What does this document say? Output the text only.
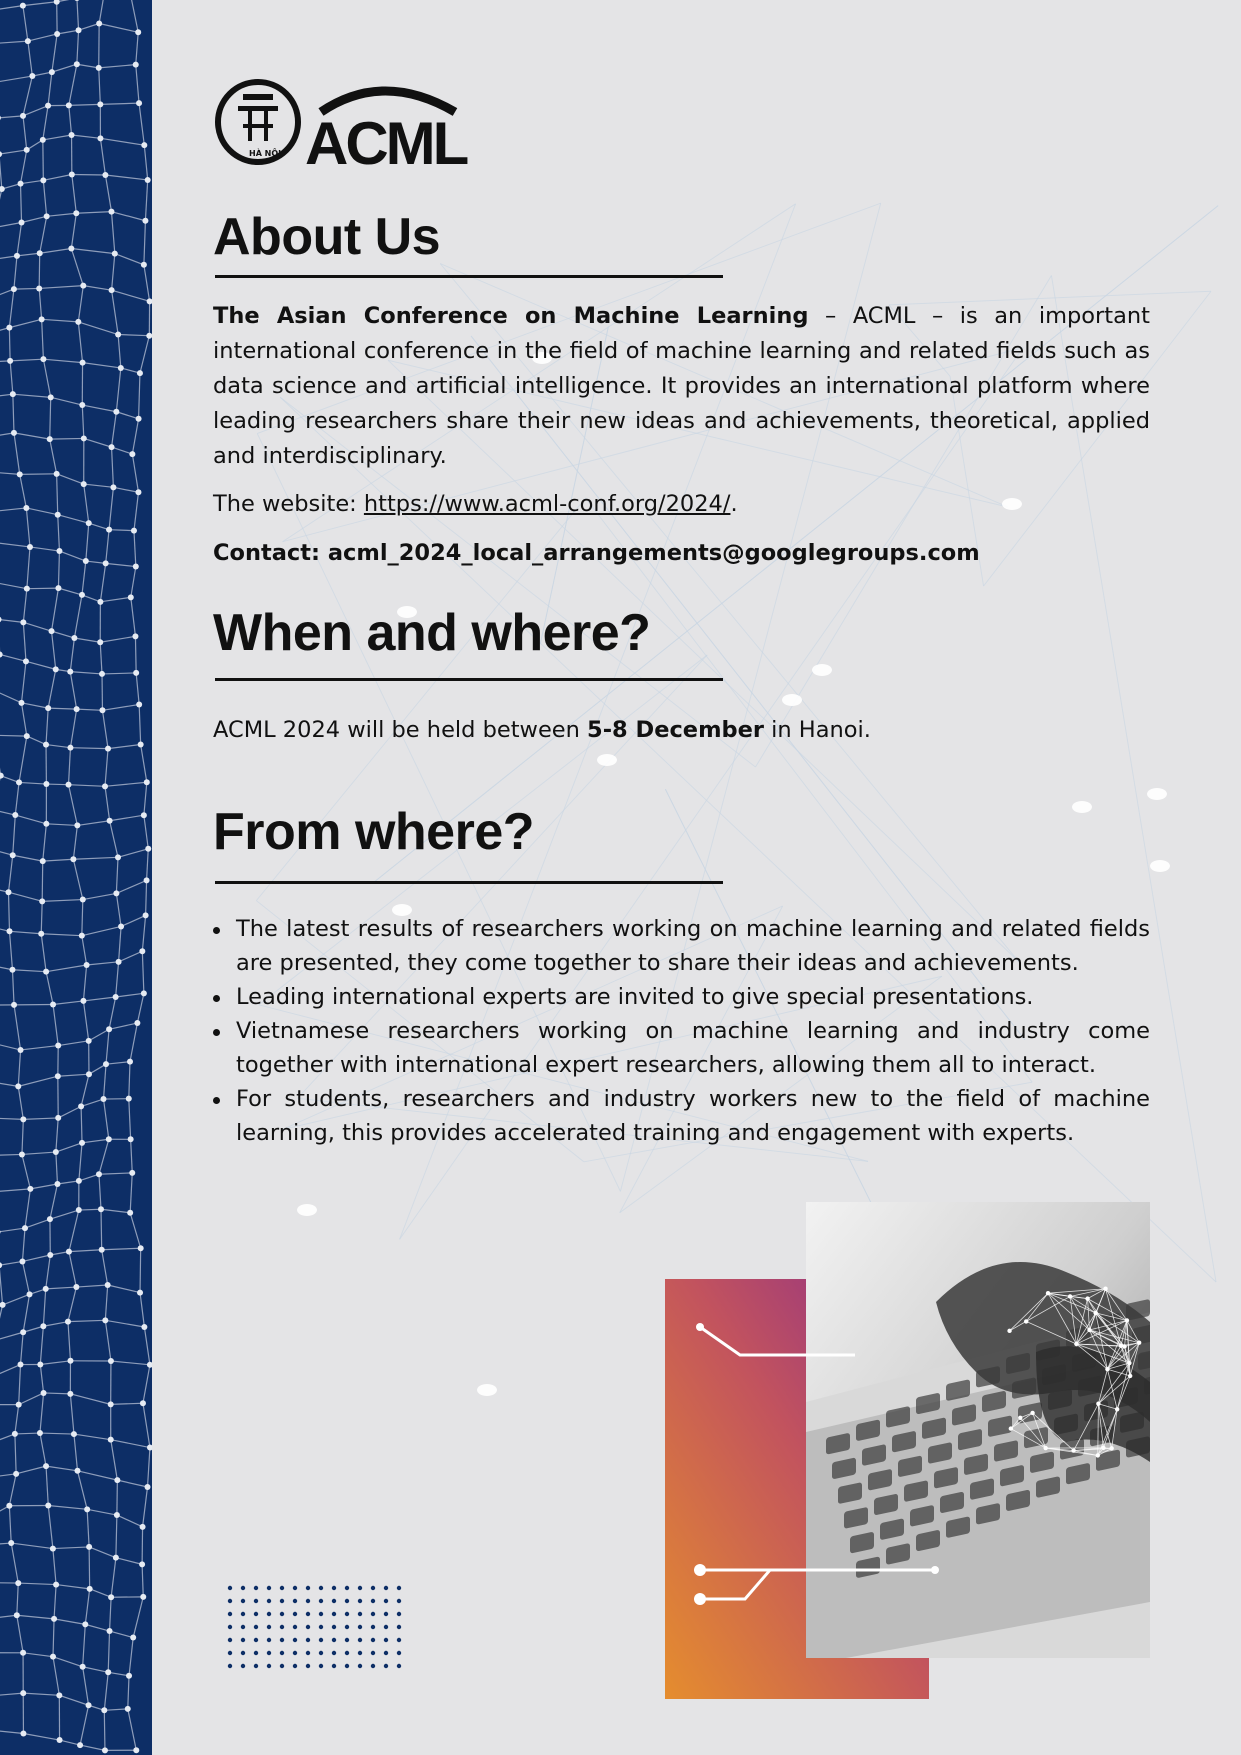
HÀ NỘI ACML
About Us
The Asian Conference on Machine Learning – ACML – is an important international conference in the field of machine learning and related fields such as data science and artificial intelligence. It provides an international platform where leading researchers share their new ideas and achievements, theoretical, applied and interdisciplinary.
The website: https://www.acml-conf.org/2024/.
Contact: acml_2024_local_arrangements@googlegroups.com
When and where?
ACML 2024 will be held between 5-8 December in Hanoi.
From where?
The latest results of researchers working on machine learning and related fields are presented, they come together to share their ideas and achievements.
Leading international experts are invited to give special presentations.
Vietnamese researchers working on machine learning and industry come together with international expert researchers, allowing them all to interact.
For students, researchers and industry workers new to the field of machine learning, this provides accelerated training and engagement with experts.
